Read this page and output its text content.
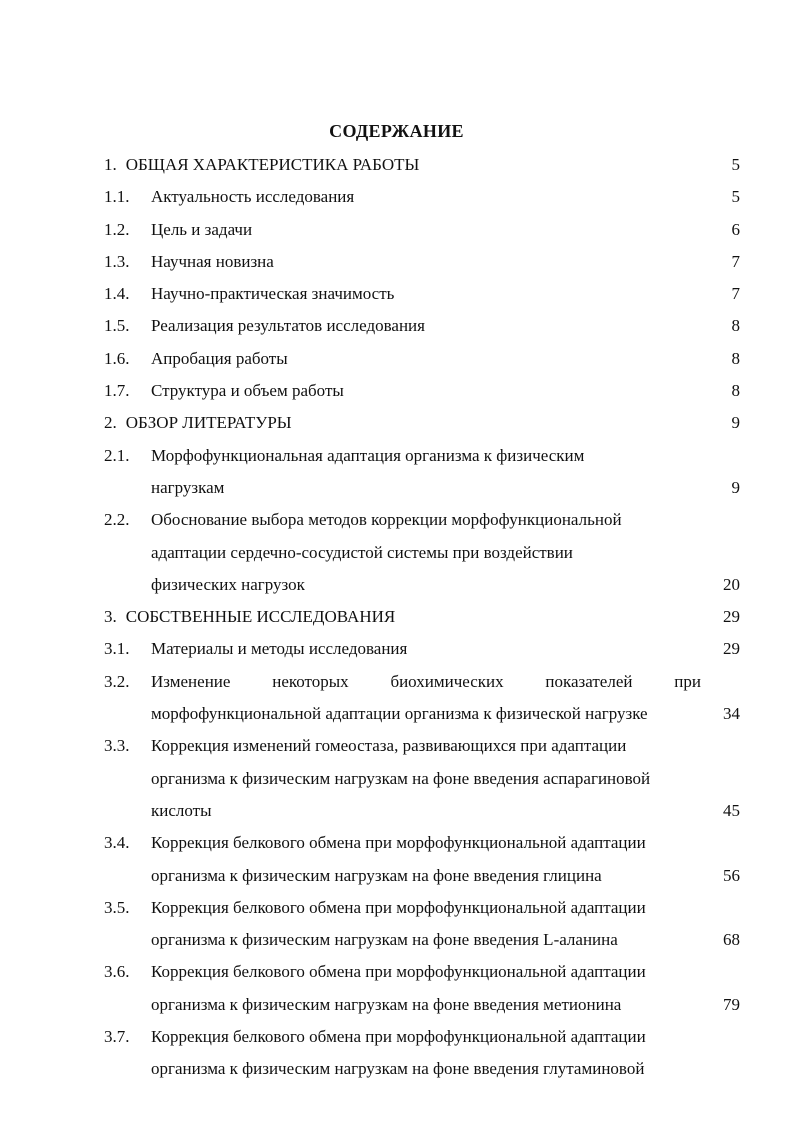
СОДЕРЖАНИЕ
1. ОБЩАЯ ХАРАКТЕРИСТИКА РАБОТЫ	5
1.1. Актуальность исследования	5
1.2. Цель и задачи	6
1.3. Научная новизна	7
1.4. Научно-практическая значимость	7
1.5. Реализация результатов исследования	8
1.6. Апробация работы	8
1.7. Структура и объем работы	8
2. ОБЗОР ЛИТЕРАТУРЫ	9
2.1. Морфофункциональная адаптация организма к физическим
нагрузкам	9
2.2. Обоснование выбора методов коррекции морфофункциональной
адаптации сердечно-сосудистой системы при воздействии
физических нагрузок	20
3. СОБСТВЕННЫЕ ИССЛЕДОВАНИЯ	29
3.1. Материалы и методы исследования	29
3.2. Изменение некоторых биохимических показателей при
морфофункциональной адаптации организма к физической нагрузке	34
3.3. Коррекция изменений гомеостаза, развивающихся при адаптации
организма к физическим нагрузкам на фоне введения аспарагиновой
кислоты	45
3.4. Коррекция белкового обмена при морфофункциональной адаптации
организма к физическим нагрузкам на фоне введения глицина	56
3.5. Коррекция белкового обмена при морфофункциональной адаптации
организма к физическим нагрузкам на фоне введения L-аланина	68
3.6. Коррекция белкового обмена при морфофункциональной адаптации
организма к физическим нагрузкам на фоне введения метионина	79
3.7. Коррекция белкового обмена при морфофункциональной адаптации
организма к физическим нагрузкам на фоне введения глутаминовой
